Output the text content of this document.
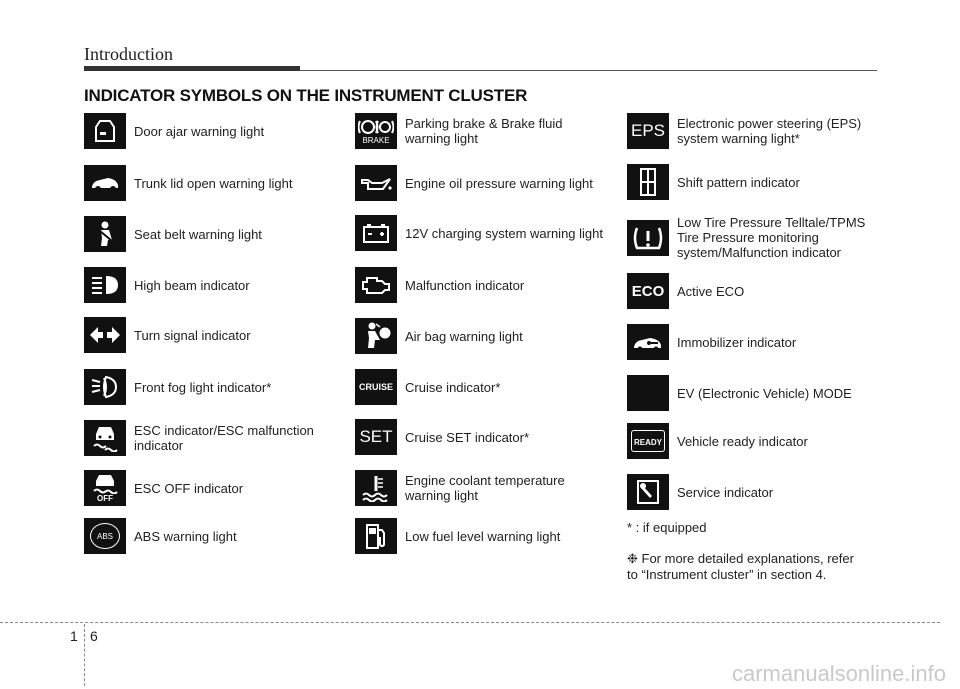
Introduction
INDICATOR SYMBOLS ON THE INSTRUMENT CLUSTER
Door ajar warning light
Trunk lid open warning light
Seat belt warning light
High beam indicator
Turn signal indicator
Front fog light indicator*
ESC indicator/ESC malfunction
indicator
OFF
ESC OFF indicator
ABS ABS warning light
BRAKE
Parking brake & Brake fluid
warning light
Engine oil pressure warning light
12V charging system warning light
Malfunction indicator
Air bag warning light
CRUISE Cruise indicator*
SET Cruise SET indicator*
Engine coolant temperature
warning light
Low fuel level warning light
EPS Electronic power steering (EPS)
system warning light*
Shift pattern indicator
Low Tire Pressure Telltale/TPMS
Tire Pressure monitoring
system/Malfunction indicator
ECO Active ECO
Immobilizer indicator
EV (Electronic Vehicle) MODE
READY Vehicle ready indicator
Service indicator
* : if equipped
❉ For more detailed explanations, refer
to “Instrument cluster” in section 4.
1 6
carmanualsonline.info
